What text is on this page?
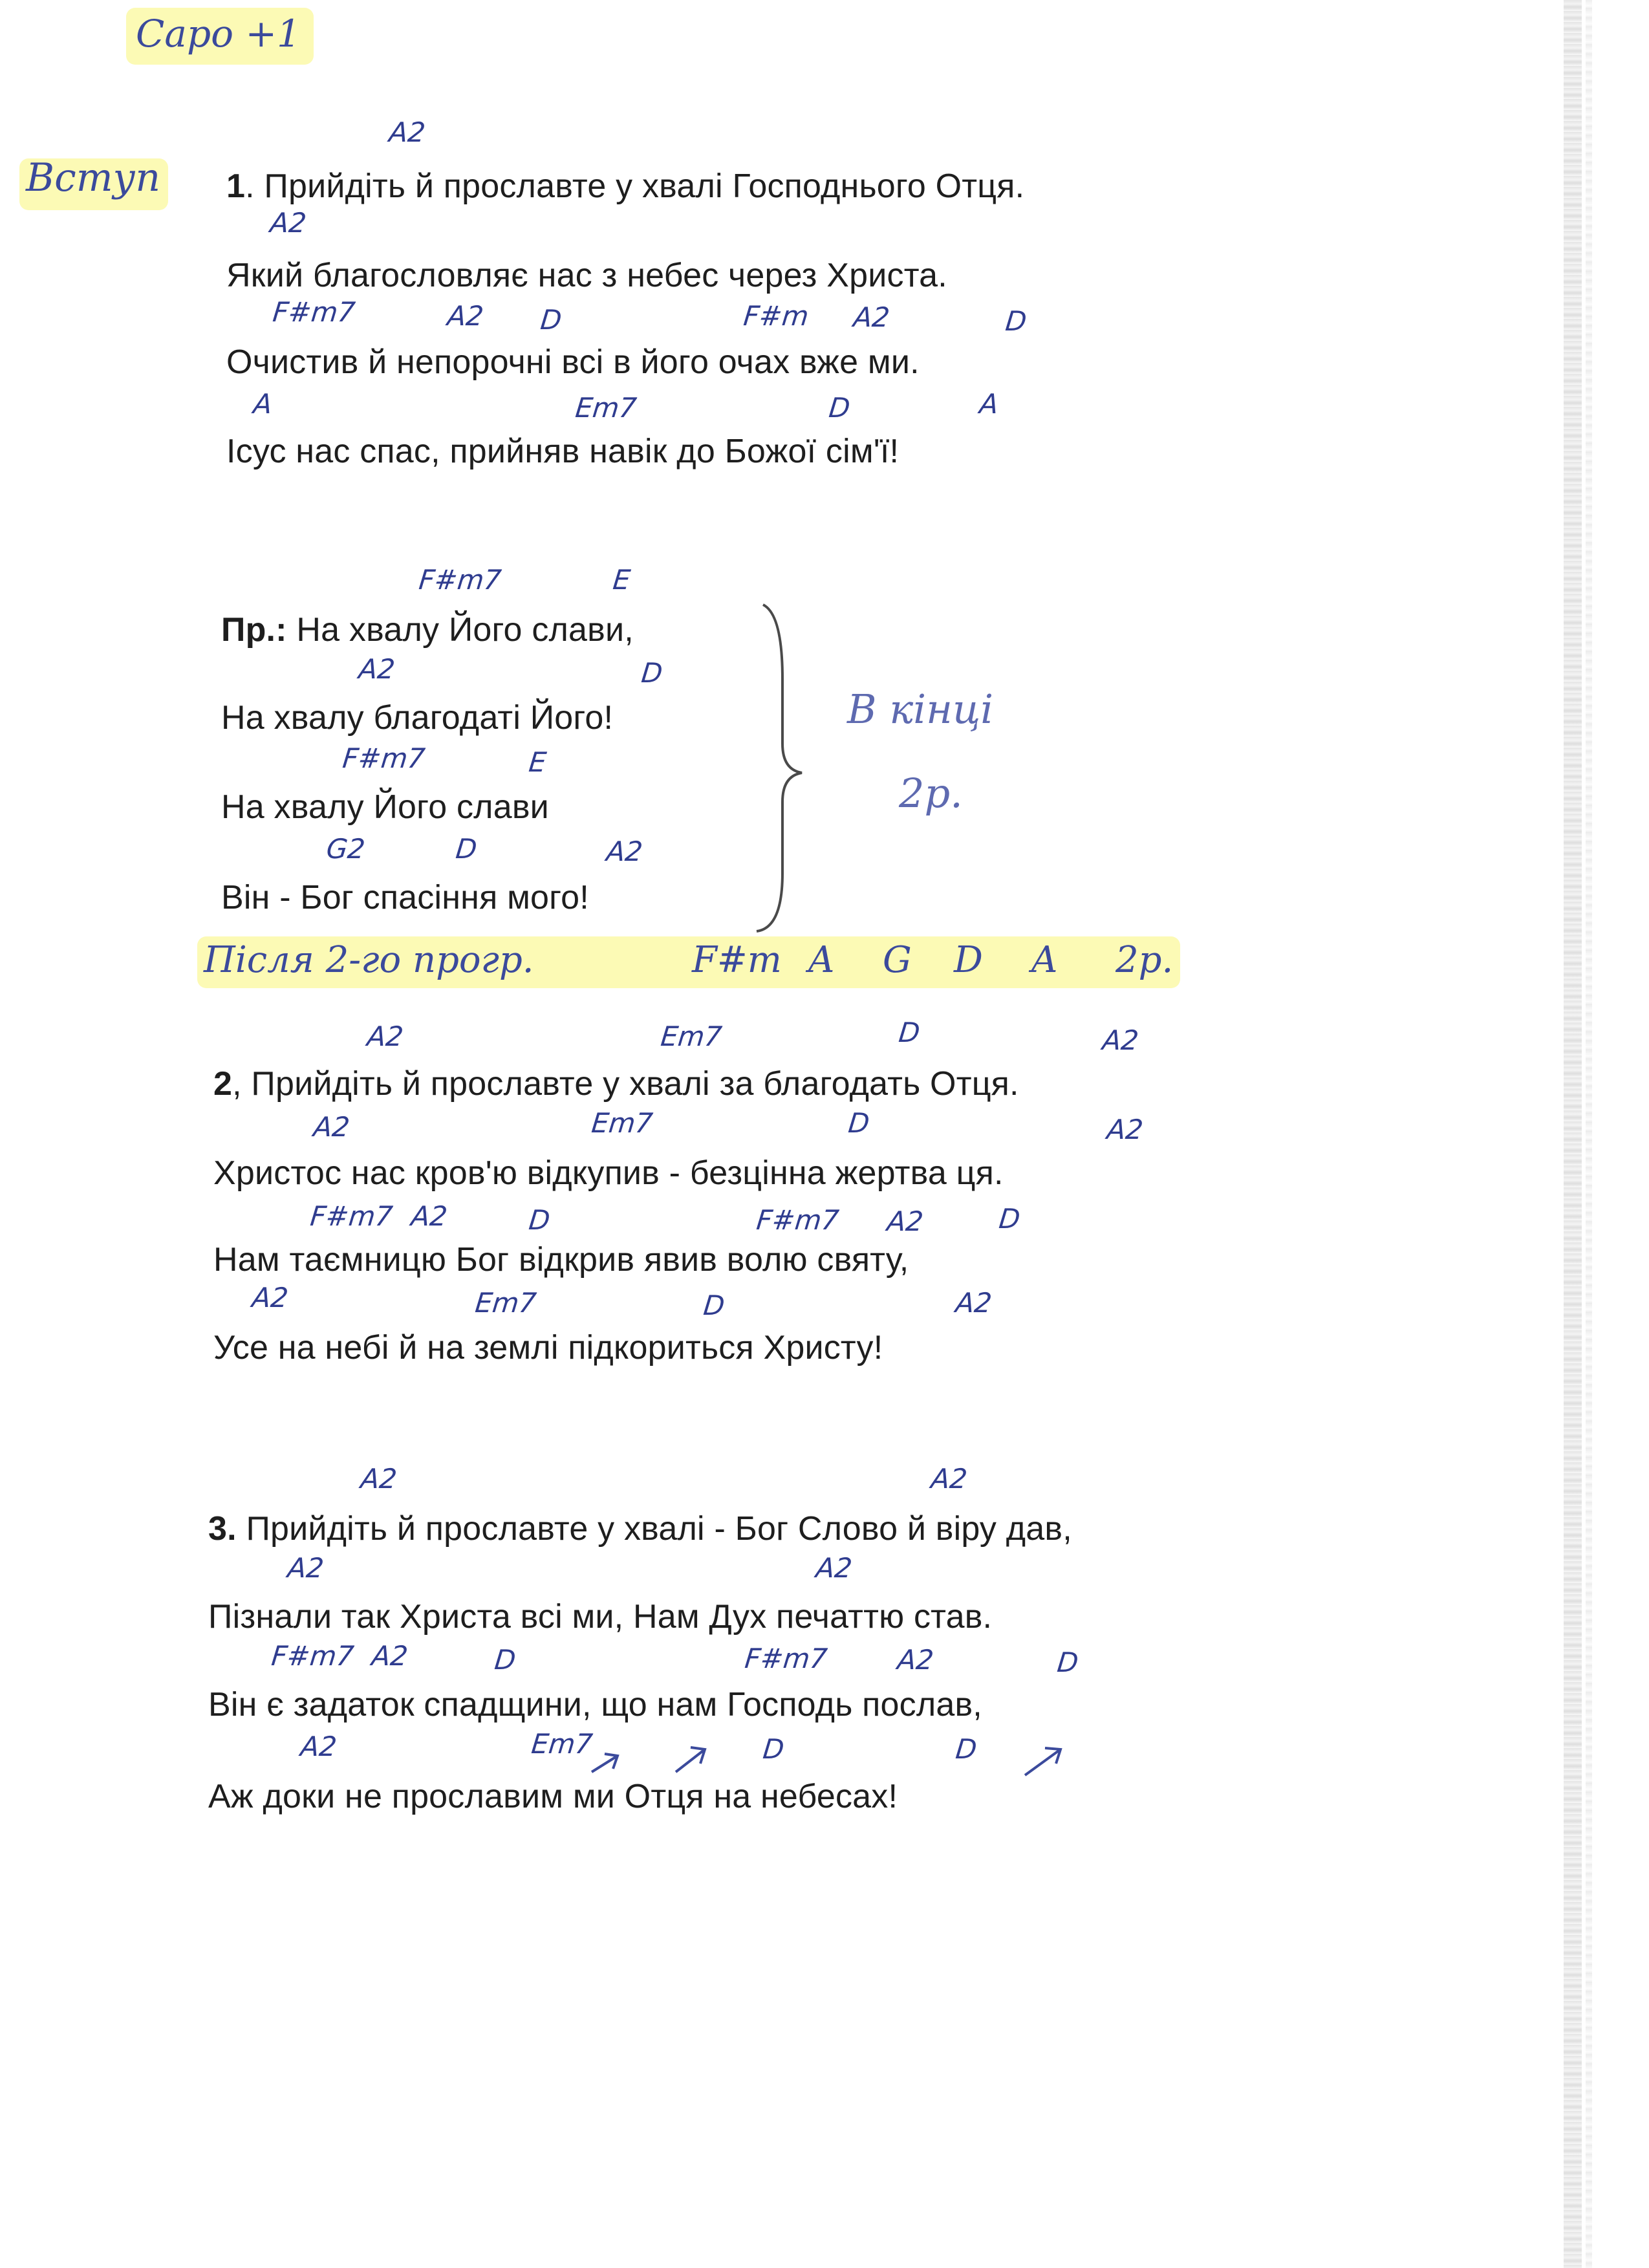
Capo +1
Вступ
В кінці
2р.
Після 2-го прогр.	F#m A G D A 2р.
A2
1. Прийдіть й прославте у хвалі Господнього Отця.
A2
Який благословляє нас з небес через Христа.
F#m7	A2 D	F#m A2	D
Очистив й непорочні всі в його очах вже ми.
A	Em7	D	A
Ісус нас спас, прийняв навік до Божої сім'ї!
F#m7	E
Пр.: На хвалу Його слави,
A2	D
На хвалу благодаті Його!
F#m7	E
На хвалу Його слави
G2	D	A2
Він - Бог спасіння мого!
A2	Em7	D	A2
2, Прийдіть й прославте у хвалі за благодать Отця.
A2	Em7	D	A2
Христос нас кров'ю відкупив - безцінна жертва ця.
F#m7 A2	D	F#m7 A2	D
Нам таємницю Бог відкрив явив волю святу,
A2	Em7	D	A2
Усе на небі й на землі підкориться Христу!
A2	A2
3. Прийдіть й прославте у хвалі - Бог Слово й віру дав,
A2	A2
Пізнали так Христа всі ми, Нам Дух печаттю став.
F#m7 A2	D	F#m7 A2	D
Він є задаток спадщини, що нам Господь послав,
A2	Em7	D	D
Аж доки не прославим ми Отця на небесах!
